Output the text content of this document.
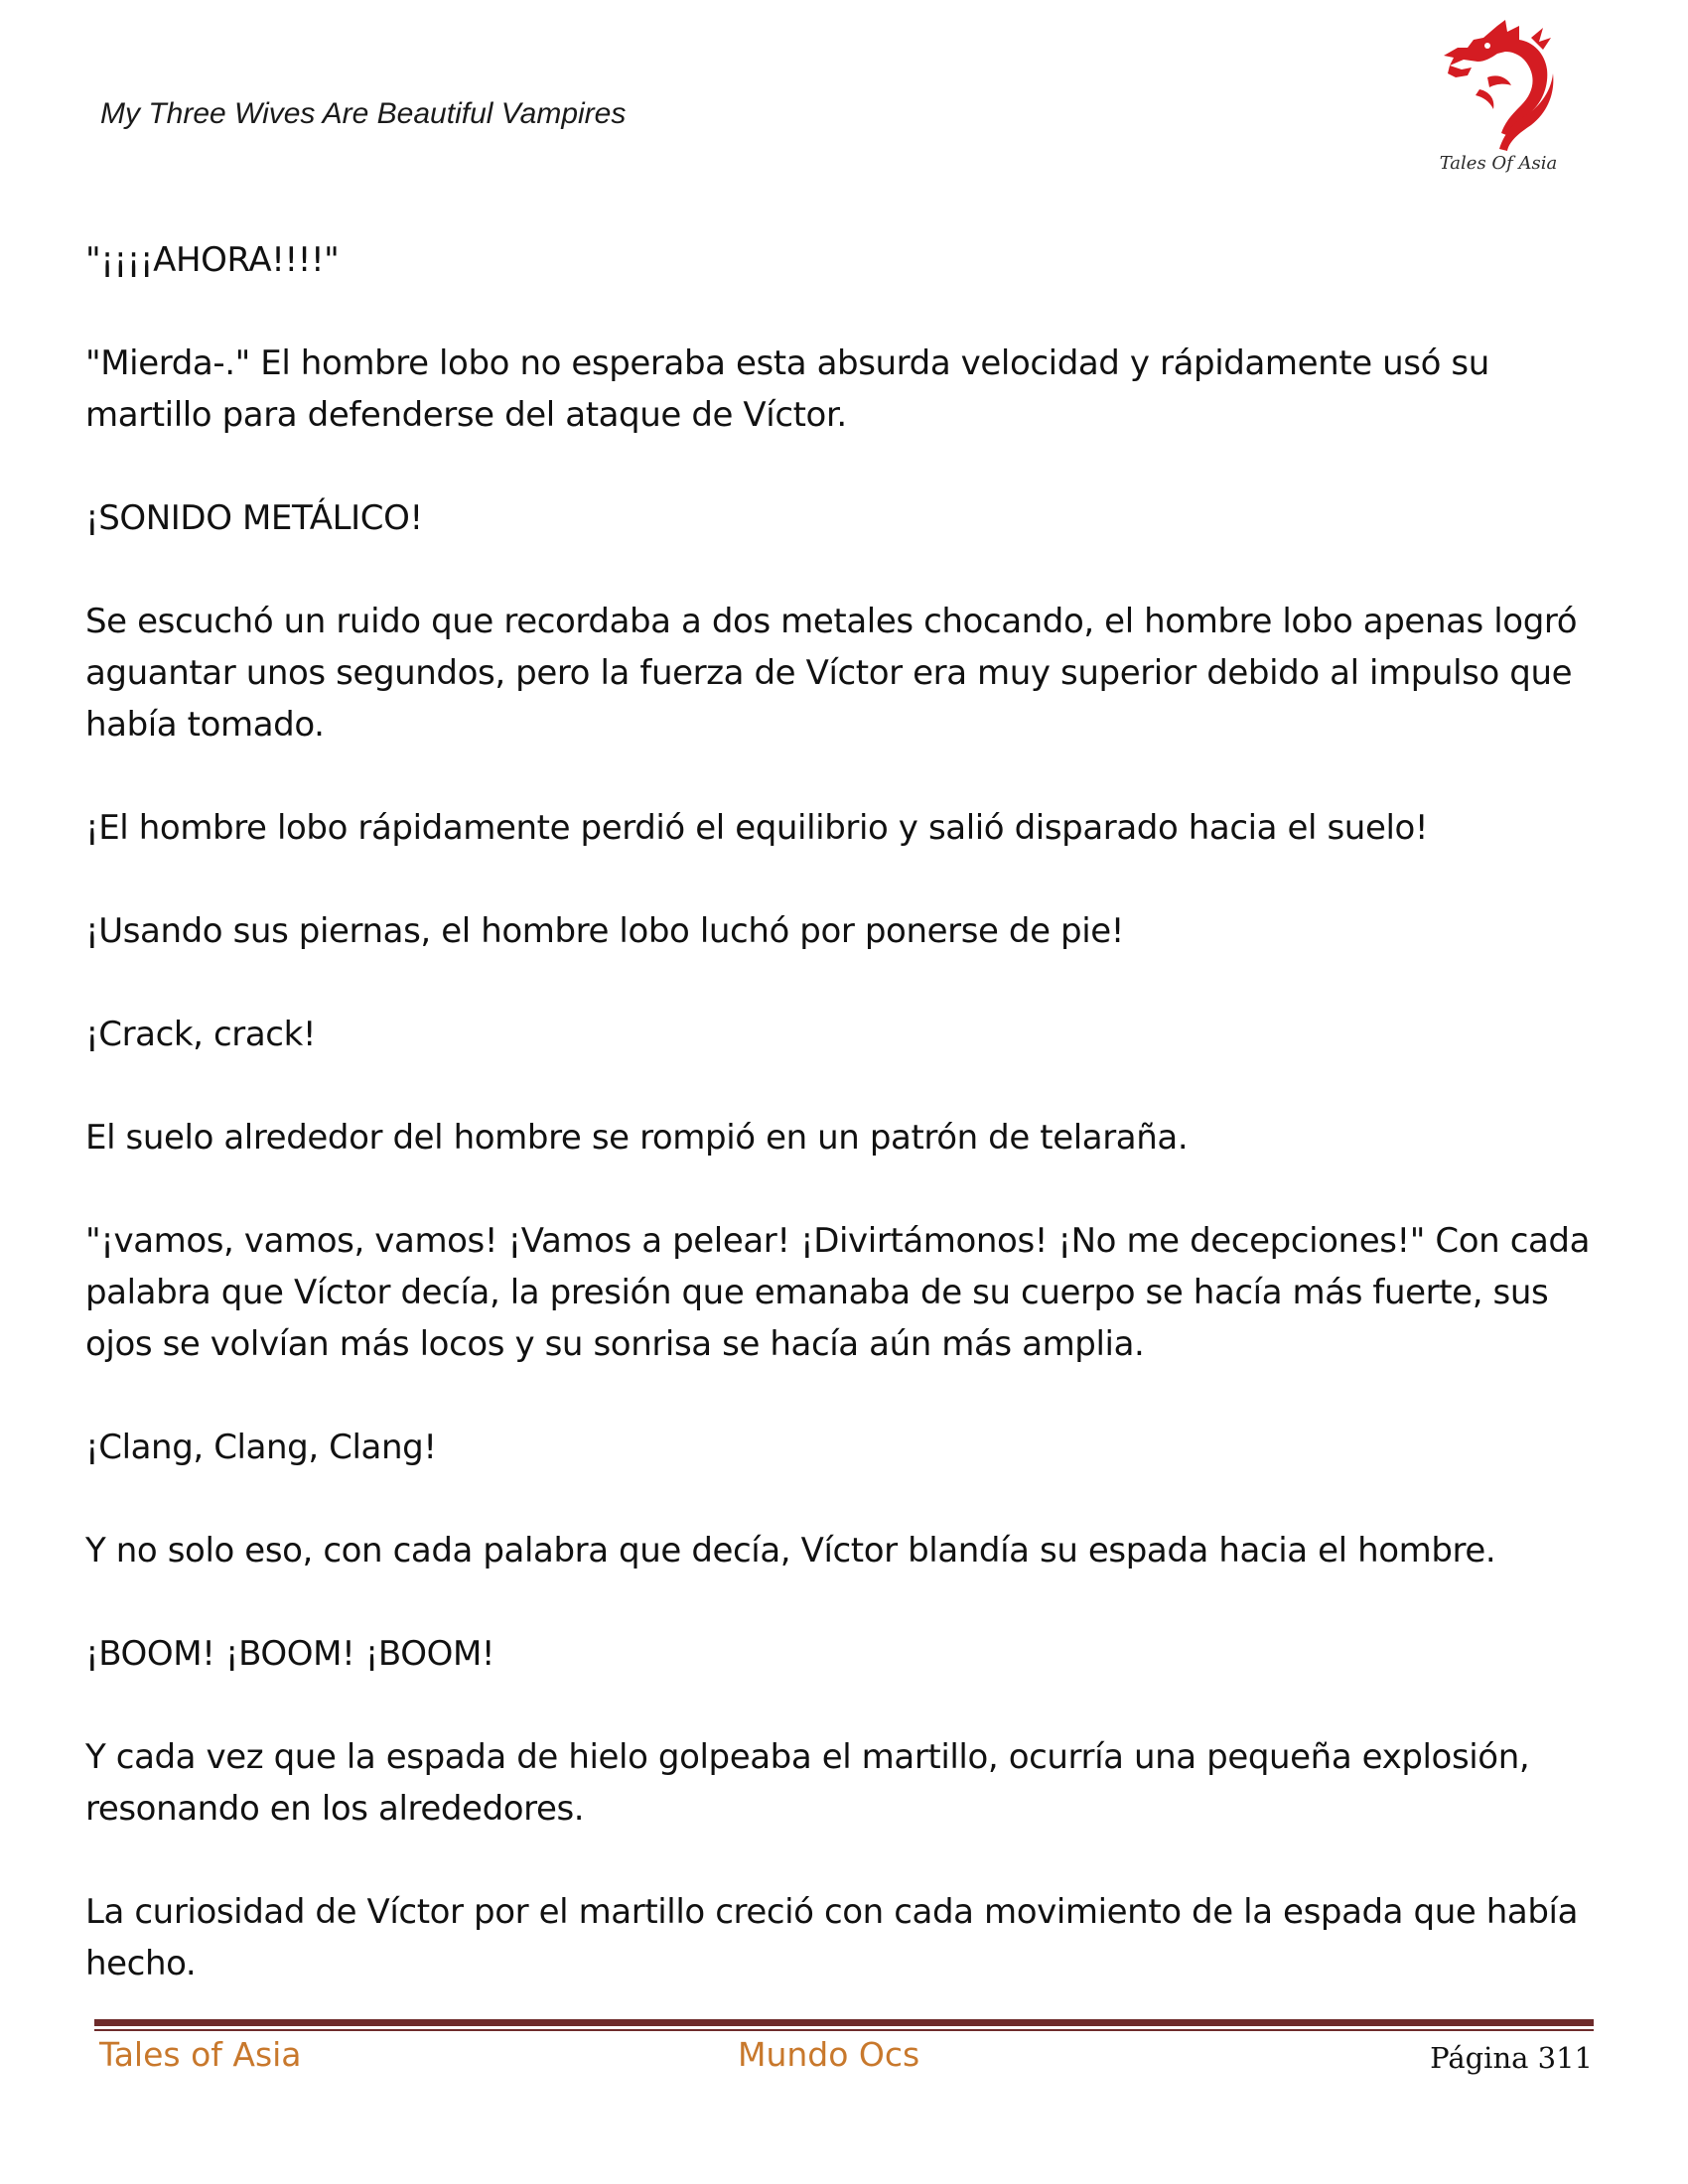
My Three Wives Are Beautiful Vampires
Tales Of Asia

"¡¡¡¡AHORA!!!!"

"Mierda-." El hombre lobo no esperaba esta absurda velocidad y rápidamente usó su martillo para defenderse del ataque de Víctor.

¡SONIDO METÁLICO!

Se escuchó un ruido que recordaba a dos metales chocando, el hombre lobo apenas logró aguantar unos segundos, pero la fuerza de Víctor era muy superior debido al impulso que había tomado.

¡El hombre lobo rápidamente perdió el equilibrio y salió disparado hacia el suelo!

¡Usando sus piernas, el hombre lobo luchó por ponerse de pie!

¡Crack, crack!

El suelo alrededor del hombre se rompió en un patrón de telaraña.

"¡vamos, vamos, vamos! ¡Vamos a pelear! ¡Divirtámonos! ¡No me decepciones!" Con cada palabra que Víctor decía, la presión que emanaba de su cuerpo se hacía más fuerte, sus ojos se volvían más locos y su sonrisa se hacía aún más amplia.

¡Clang, Clang, Clang!

Y no solo eso, con cada palabra que decía, Víctor blandía su espada hacia el hombre.

¡BOOM! ¡BOOM! ¡BOOM!

Y cada vez que la espada de hielo golpeaba el martillo, ocurría una pequeña explosión, resonando en los alrededores.

La curiosidad de Víctor por el martillo creció con cada movimiento de la espada que había hecho.

Tales of Asia	Mundo Ocs	Página 311
